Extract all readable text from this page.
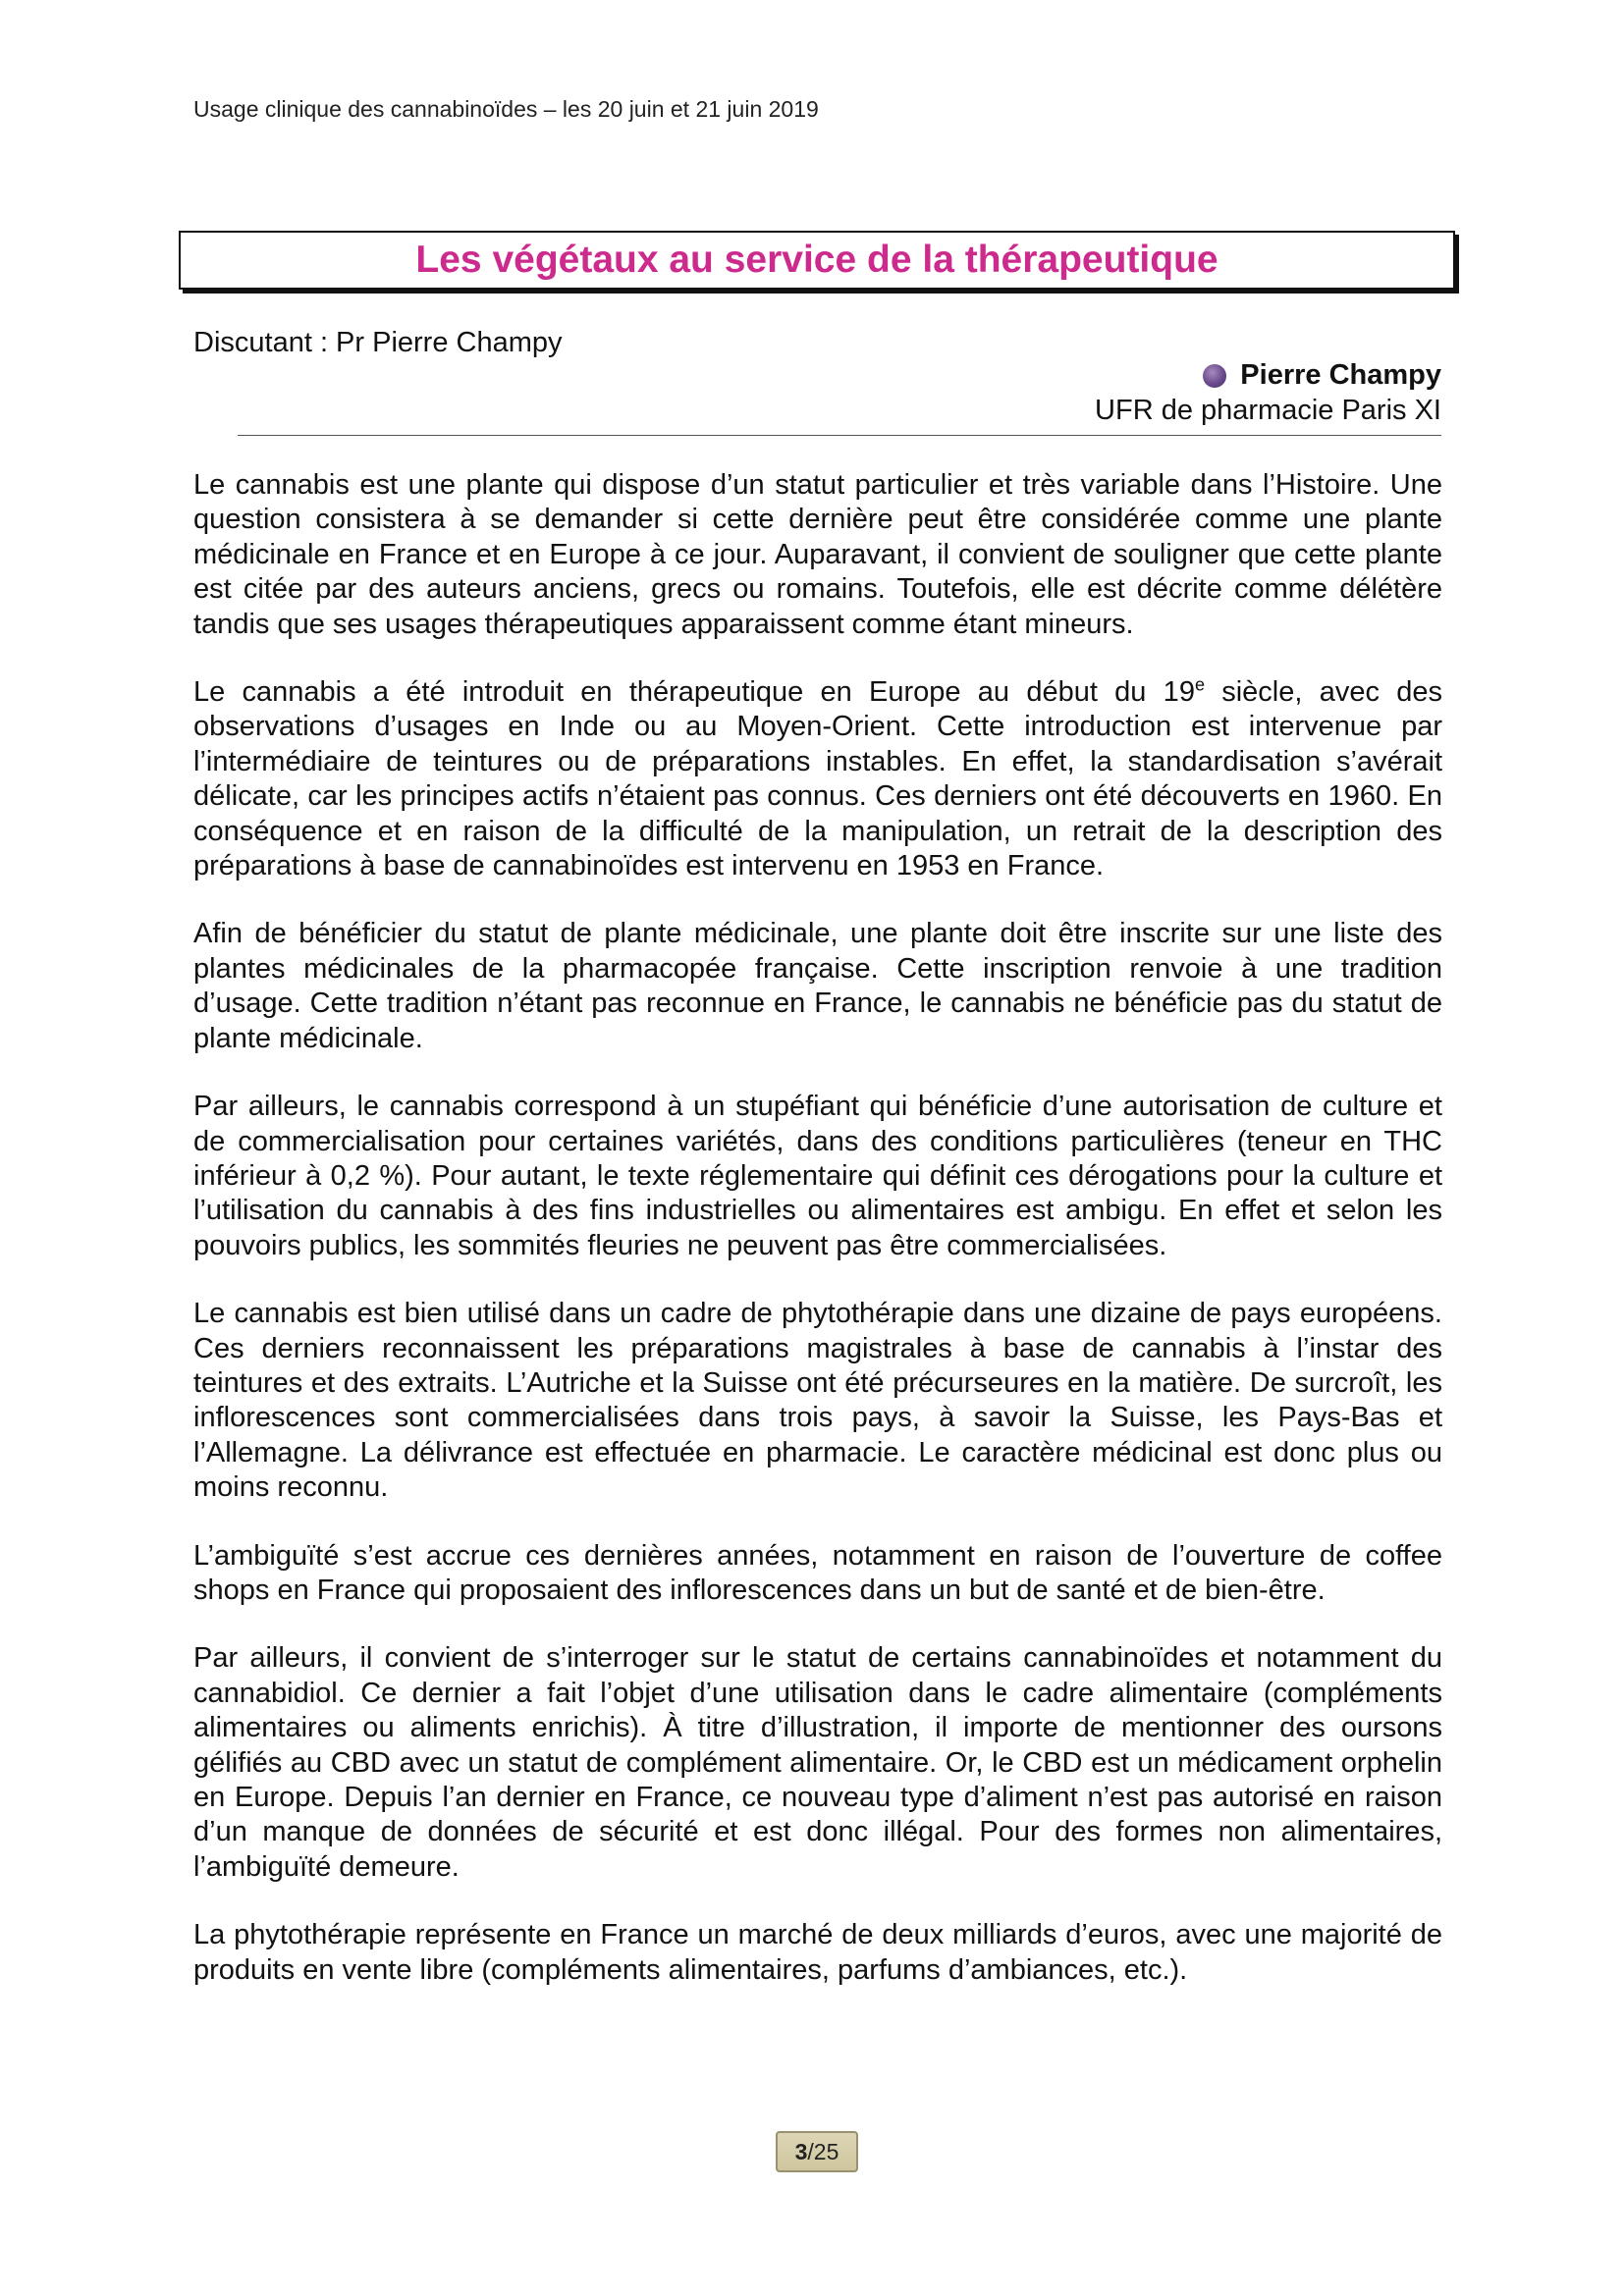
Usage clinique des cannabinoïdes – les 20 juin et 21 juin 2019
Les végétaux au service de la thérapeutique
Discutant : Pr Pierre Champy
Pierre Champy
UFR de pharmacie Paris XI

Le cannabis est une plante qui dispose d’un statut particulier et très variable dans l’Histoire. Une question consistera à se demander si cette dernière peut être considérée comme une plante médicinale en France et en Europe à ce jour. Auparavant, il convient de souligner que cette plante est citée par des auteurs anciens, grecs ou romains. Toutefois, elle est décrite comme délétère tandis que ses usages thérapeutiques apparaissent comme étant mineurs.

Le cannabis a été introduit en thérapeutique en Europe au début du 19e siècle, avec des observations d’usages en Inde ou au Moyen-Orient. Cette introduction est intervenue par l’intermédiaire de teintures ou de préparations instables. En effet, la standardisation s’avérait délicate, car les principes actifs n’étaient pas connus. Ces derniers ont été découverts en 1960. En conséquence et en raison de la difficulté de la manipulation, un retrait de la description des préparations à base de cannabinoïdes est intervenu en 1953 en France.

Afin de bénéficier du statut de plante médicinale, une plante doit être inscrite sur une liste des plantes médicinales de la pharmacopée française. Cette inscription renvoie à une tradition d’usage. Cette tradition n’étant pas reconnue en France, le cannabis ne bénéficie pas du statut de plante médicinale.

Par ailleurs, le cannabis correspond à un stupéfiant qui bénéficie d’une autorisation de culture et de commercialisation pour certaines variétés, dans des conditions particulières (teneur en THC inférieur à 0,2 %). Pour autant, le texte réglementaire qui définit ces dérogations pour la culture et l’utilisation du cannabis à des fins industrielles ou alimentaires est ambigu. En effet et selon les pouvoirs publics, les sommités fleuries ne peuvent pas être commercialisées.

Le cannabis est bien utilisé dans un cadre de phytothérapie dans une dizaine de pays européens. Ces derniers reconnaissent les préparations magistrales à base de cannabis à l’instar des teintures et des extraits. L’Autriche et la Suisse ont été précurseures en la matière. De surcroît, les inflorescences sont commercialisées dans trois pays, à savoir la Suisse, les Pays-Bas et l’Allemagne. La délivrance est effectuée en pharmacie. Le caractère médicinal est donc plus ou moins reconnu.

L’ambiguïté s’est accrue ces dernières années, notamment en raison de l’ouverture de coffee shops en France qui proposaient des inflorescences dans un but de santé et de bien-être.

Par ailleurs, il convient de s’interroger sur le statut de certains cannabinoïdes et notamment du cannabidiol. Ce dernier a fait l’objet d’une utilisation dans le cadre alimentaire (compléments alimentaires ou aliments enrichis). À titre d’illustration, il importe de mentionner des oursons gélifiés au CBD avec un statut de complément alimentaire. Or, le CBD est un médicament orphelin en Europe. Depuis l’an dernier en France, ce nouveau type d’aliment n’est pas autorisé en raison d’un manque de données de sécurité et est donc illégal. Pour des formes non alimentaires, l’ambiguïté demeure.

La phytothérapie représente en France un marché de deux milliards d’euros, avec une majorité de produits en vente libre (compléments alimentaires, parfums d’ambiances, etc.).

3 /25
